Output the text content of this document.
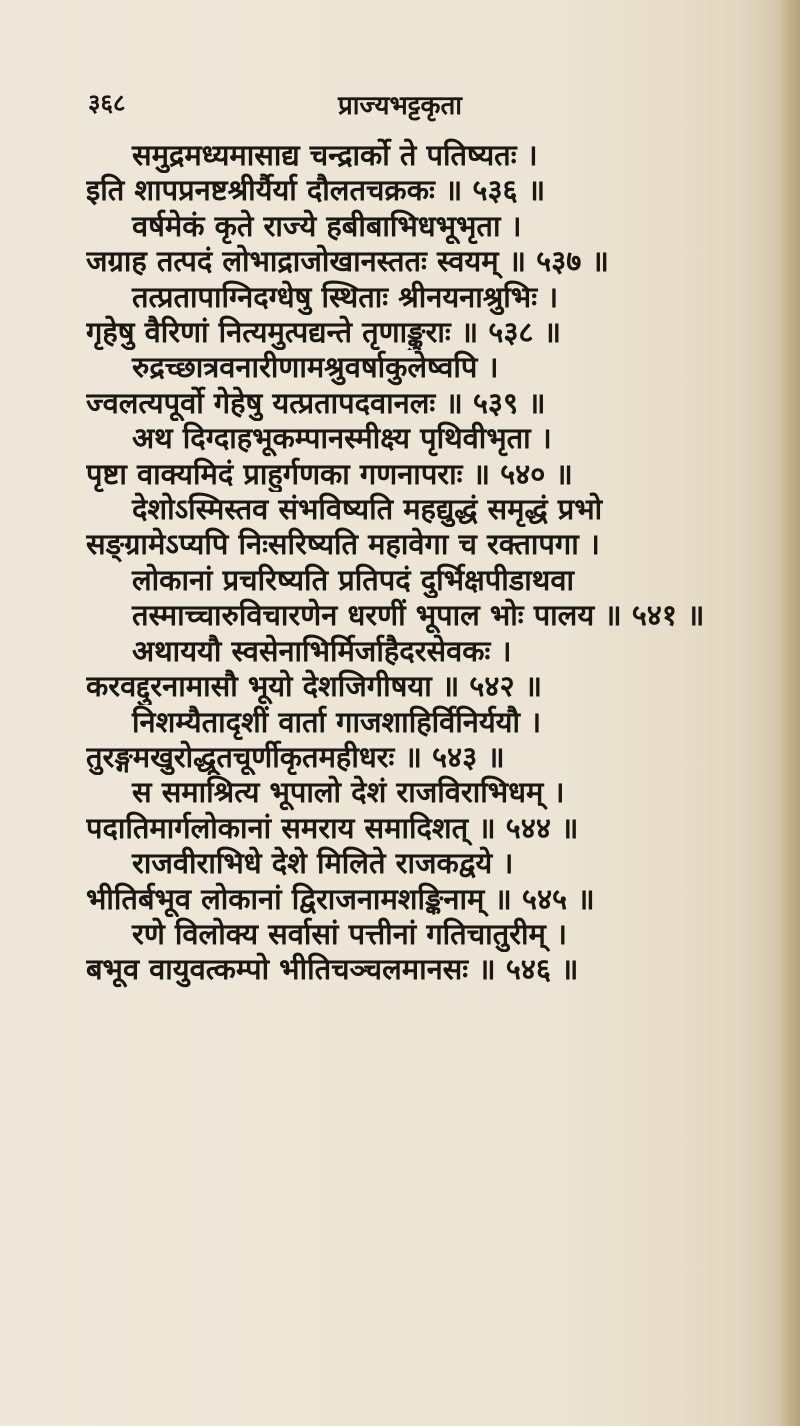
३६८	प्राज्यभट्टकृता
समुद्रमध्यमासाद्य चन्द्रार्को ते पतिष्यतः ।
इति शापप्रनष्टश्रीर्यैर्या दौलतचक्रकः ॥ ५३६ ॥
वर्षमेकं कृते राज्ये हबीबाभिधभूभृता ।
जग्राह तत्पदं लोभाद्राजोखानस्ततः स्वयम् ॥ ५३७ ॥
तत्प्रतापाग्निदग्धेषु स्थिताः श्रीनयनाश्रुभिः ।
गृहेषु वैरिणां नित्यमुत्पद्यन्ते तृणाङ्कुराः ॥ ५३८ ॥
रुद्रच्छात्रवनारीणामश्रुवर्षाकुलेष्वपि ।
ज्वलत्यपूर्वो गेहेषु यत्प्रतापदवानलः ॥ ५३९ ॥
अथ दिग्दाहभूकम्पानस्मीक्ष्य पृथिवीभृता ।
पृष्टा वाक्यमिदं प्राहुर्गणका गणनापराः ॥ ५४० ॥
देशोऽस्मिस्तव संभविष्यति महद्युद्धं समृद्धं प्रभो
सङ्ग्रामेऽप्यपि निःसरिष्यति महावेगा च रक्तापगा ।
लोकानां प्रचरिष्यति प्रतिपदं दुर्भिक्षपीडाथवा
तस्माच्चारुविचारणेन धरणीं भूपाल भोः पालय ॥ ५४१ ॥
अथाययौ स्वसेनाभिर्मिर्जाहैदरसेवकः ।
करवद्दुरनामासौ भूयो देशजिगीषया ॥ ५४२ ॥
निशम्यैतादृशीं वार्ता गाजशाहिर्विनिर्ययौ ।
तुरङ्गमखुरोद्धूतचूर्णीकृतमहीधरः ॥ ५४३ ॥
स समाश्रित्य भूपालो देशं राजविराभिधम् ।
पदातिमार्गलोकानां समराय समादिशत् ॥ ५४४ ॥
राजवीराभिधे देशे मिलिते राजकद्वये ।
भीतिर्बभूव लोकानां द्विराजनामशङ्किनाम् ॥ ५४५ ॥
रणे विलोक्य सर्वासां पत्तीनां गतिचातुरीम् ।
बभूव वायुवत्कम्पो भीतिचञ्चलमानसः ॥ ५४६ ॥
